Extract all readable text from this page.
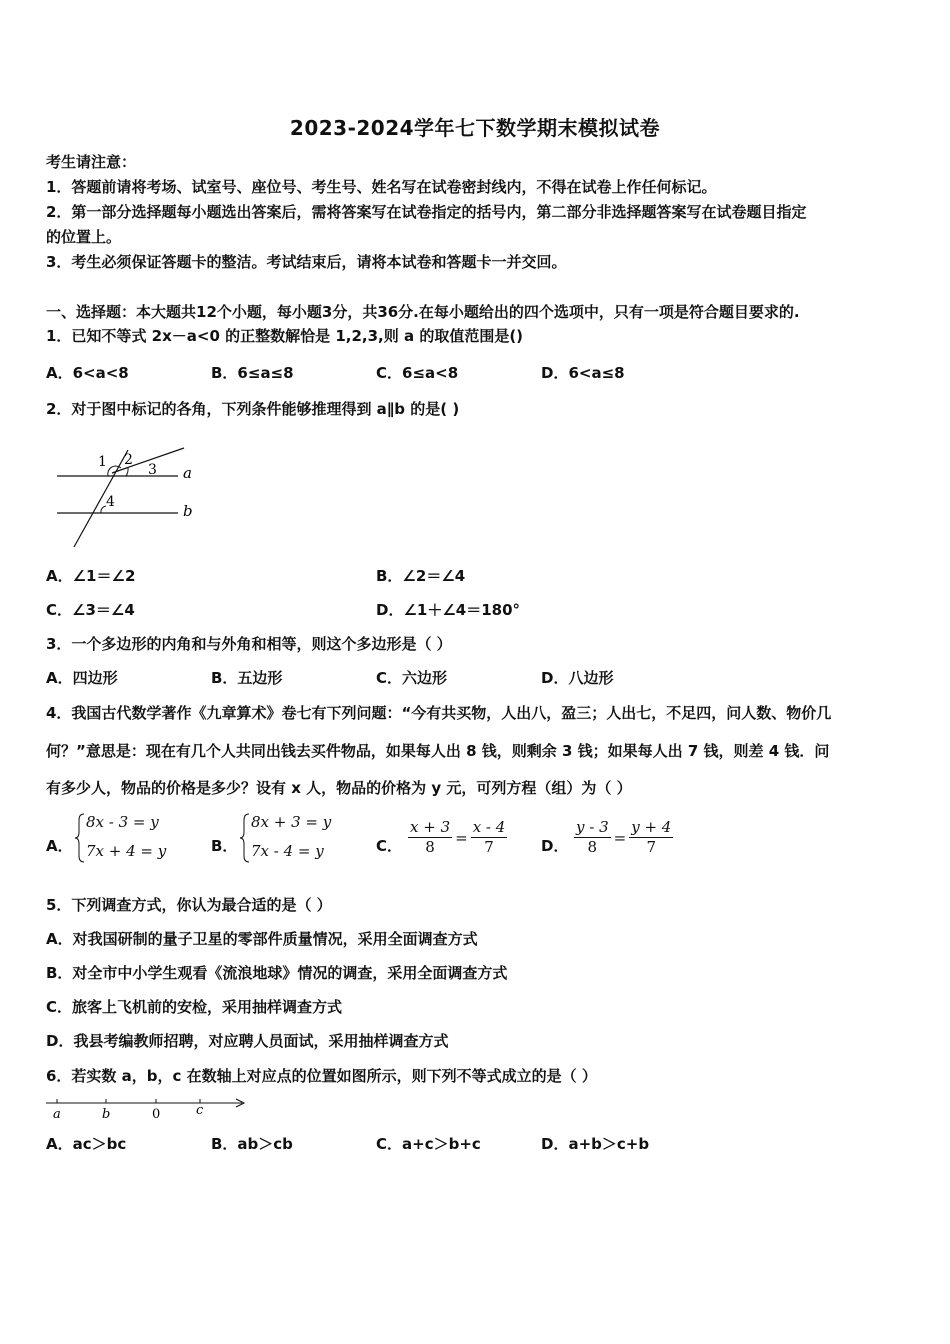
2023-2024学年七下数学期末模拟试卷
考生请注意：
1．答题前请将考场、试室号、座位号、考生号、姓名写在试卷密封线内，不得在试卷上作任何标记。
2．第一部分选择题每小题选出答案后，需将答案写在试卷指定的括号内，第二部分非选择题答案写在试卷题目指定
的位置上。
3．考生必须保证答题卡的整洁。考试结束后，请将本试卷和答题卡一并交回。
一、选择题：本大题共12个小题，每小题3分，共36分.在每小题给出的四个选项中，只有一项是符合题目要求的.
1．已知不等式 2x－a<0 的正整数解恰是 1,2,3,则 a 的取值范围是()
A．6<a<8	B．6≤a≤8	C．6≤a<8	D．6<a≤8
2．对于图中标记的各角，下列条件能够推理得到 a∥b 的是( )
1 2
3
4
a
b
A．∠1＝∠2	B．∠2＝∠4
C．∠3＝∠4	D．∠1＋∠4＝180°
3．一个多边形的内角和与外角和相等，则这个多边形是（ ）
A．四边形	B．五边形	C．六边形	D．八边形
4．我国古代数学著作《九章算术》卷七有下列问题：“今有共买物，人出八，盈三；人出七，不足四，问人数、物价几
何？”意思是：现在有几个人共同出钱去买件物品，如果每人出 8 钱，则剩余 3 钱；如果每人出 7 钱，则差 4 钱．问
有多少人，物品的价格是多少？设有 x 人，物品的价格为 y 元，可列方程（组）为（ ）
A．
8x - 3 = y
7x + 4 = y	B．
8x + 3 = y
7x - 4 = y	C． $\frac{x + 3}{8} = \frac{x - 4}{7}$ D． $\frac{y - 3}{8} = \frac{y + 4}{7}$
5．下列调查方式，你认为最合适的是（ ）
A．对我国研制的量子卫星的零部件质量情况，采用全面调查方式
B．对全市中小学生观看《流浪地球》情况的调查，采用全面调查方式
C．旅客上飞机前的安检，采用抽样调查方式
D．我县考编教师招聘，对应聘人员面试，采用抽样调查方式
6．若实数 a，b，c 在数轴上对应点的位置如图所示，则下列不等式成立的是（ ）
a	b	0	c
A．ac＞bc	B．ab＞cb	C．a+c＞b+c	D．a+b＞c+b
